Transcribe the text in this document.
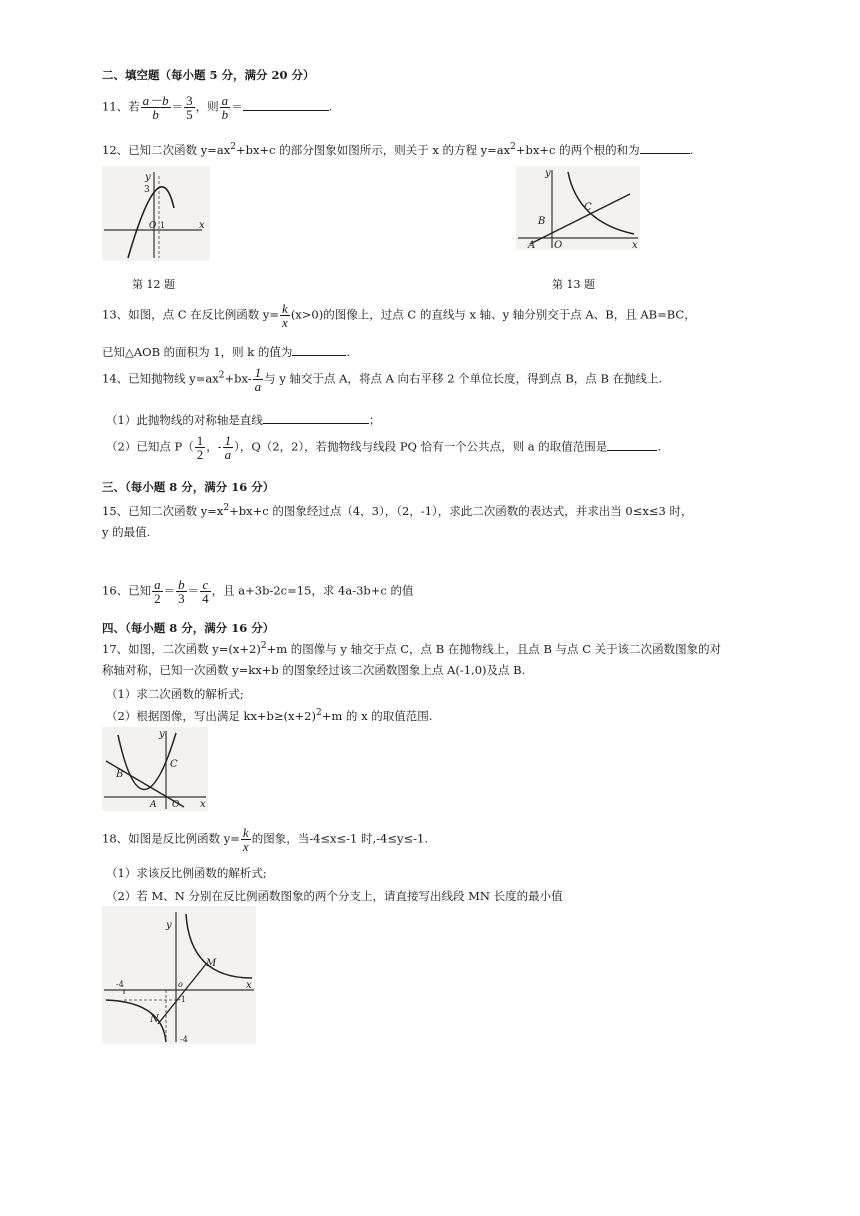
二、填空题（每小题 5 分，满分 20 分）
11、若 $\frac{a-b}{b} = \frac{3}{5}$ ，则 $\frac{a}{b}$ ＝	.
12、已知二次函数 $y=ax^2+bx+c$ 的部分图象如图所示，则关于 x 的方程 $y=ax^2+bx+c$ 的两个根的和为	.
y
3
O 1	x
第 12 题
y
C
B
A O	x
第 13 题
13、如图，点 C 在反比例函数 $y= \frac{k}{x} (x>0)$的图像上，过点 C 的直线与 x 轴、y 轴分别交于点 A、B，且 AB=BC，
已知△AOB 的面积为 1，则 k 的值为	.
14、已知抛物线 $y=ax^2+bx- \frac{1}{a}$ 与 y 轴交于点 A，将点 A 向右平移 2 个单位长度，得到点 B，点 B 在抛线上.
（1）此抛物线的对称轴是直线	；
（2）已知点 $P( \frac{1}{2}$ ，- $\frac{1}{a}$ ），Q（2，2），若抛物线与线段 PQ 恰有一个公共点，则 a 的取值范围是	.
三、（每小题 8 分，满分 16 分）
15、已知二次函数 $y=x^2+bx+c$ 的图象经过点（4，3），（2，-1），求此二次函数的表达式，并求出当 0≤x≤3 时，
y 的最值.
16、已知 $\frac{a}{2} = \frac{b}{3} = \frac{c}{4}$ ，且 a+3b-2c=15，求 4a-3b+c 的值
四、（每小题 8 分，满分 16 分）
17、如图，二次函数 $y=(x+2)^2+m$ 的图像与 y 轴交于点 C，点 B 在抛物线上，且点 B 与点 C 关于该二次函数图象的对
称轴对称，已知一次函数 y=kx+b 的图象经过该二次函数图象上点 A(-1,0)及点 B.
（1）求二次函数的解析式;
（2）根据图像，写出满足 $kx+b\ge(x+2)^2+m$ 的 x 的取值范围.
y
C
B
A O x
18、如图是反比例函数 $y= \frac{k}{x}$ 的图象，当-4≤x≤-1 时,-4≤y≤-1.
（1）求该反比例函数的解析式;
（2）若 M、N 分别在反比例函数图象的两个分支上，请直接写出线段 MN 长度的最小值
y
M
-4	o
-1
x
N
-4
